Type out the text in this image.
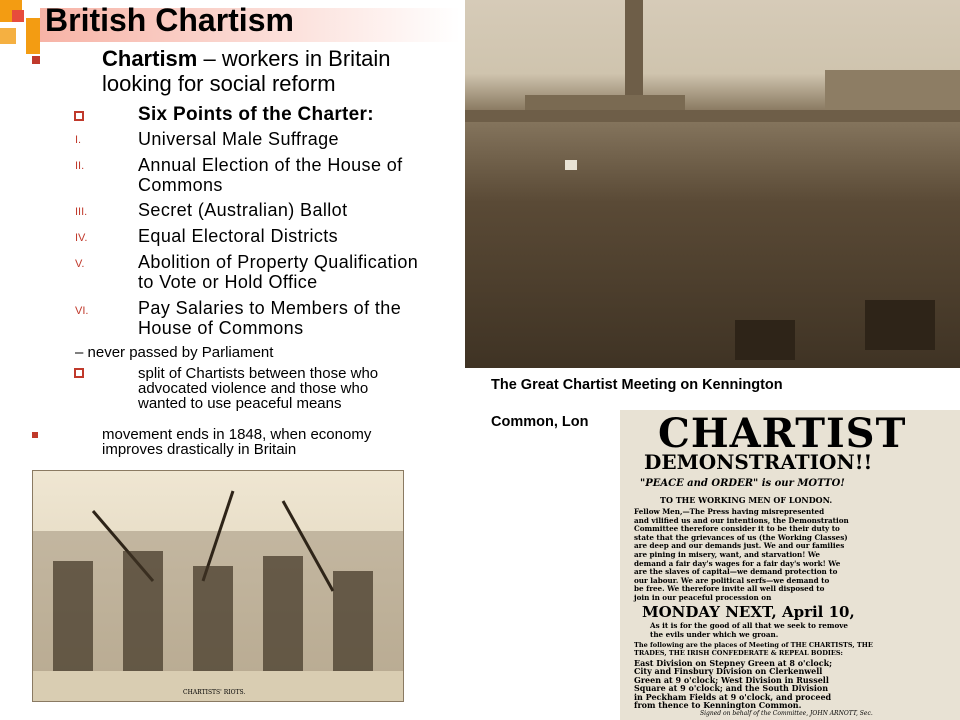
British Chartism
Chartism – workers in Britain
looking for social reform
Six Points of the Charter:
I.	Universal Male Suffrage
II.	Annual Election of the House of
Commons
III.	Secret (Australian) Ballot
IV.	Equal Electoral Districts
V.	Abolition of Property Qualification
to Vote or Hold Office
VI.	Pay Salaries to Members of the
House of Commons
– never passed by Parliament
split of Chartists between those who
advocated violence and those who
wanted to use peaceful means
movement ends in 1848, when economy
improves drastically in Britain
The Great Chartist Meeting on Kennington
Common, Lon CHARTIST
DEMONSTRATION!!
"PEACE and ORDER" is our MOTTO!
TO THE WORKING MEN OF LONDON.
Fellow Men,—The Press having misrepresented
and vilified us and our intentions, the Demonstration
Committee therefore consider it to be their duty to
state that the grievances of us (the Working Classes)
are deep and our demands just. We and our families
are pining in misery, want, and starvation! We
demand a fair day's wages for a fair day's work! We
are the slaves of capital—we demand protection to
our labour. We are political serfs—we demand to
be free. We therefore invite all well disposed to
join in our peaceful procession on
MONDAY NEXT, April 10,
As it is for the good of all that we seek to remove
the evils under which we groan.
The following are the places of Meeting of THE CHARTISTS, THE
TRADES, THE IRISH CONFEDERATE & REPEAL BODIES:
East Division on Stepney Green at 8 o'clock;
City and Finsbury Division on Clerkenwell
Green at 9 o'clock; West Division in Russell
Square at 9 o'clock; and the South Division
in Peckham Fields at 9 o'clock, and proceed
from thence to Kennington Common.
Signed on behalf of the Committee, JOHN ARNOTT, Sec.
CHARTISTS' RIOTS.
